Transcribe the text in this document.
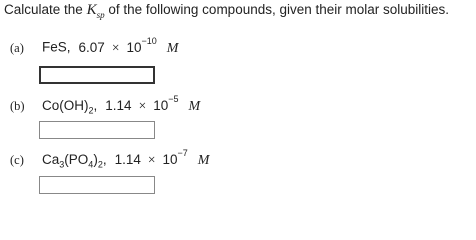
Calculate the $K_{sp}$ of the following compounds, given their molar solubilities.
(a) FeS, $6.07 \times 10^{-10}$ M
(b) $Co(OH)_2$, $1.14 \times 10^{-5}$ M
(c) $Ca_3(PO_4)_2$, $1.14 \times 10^{-7}$ M
